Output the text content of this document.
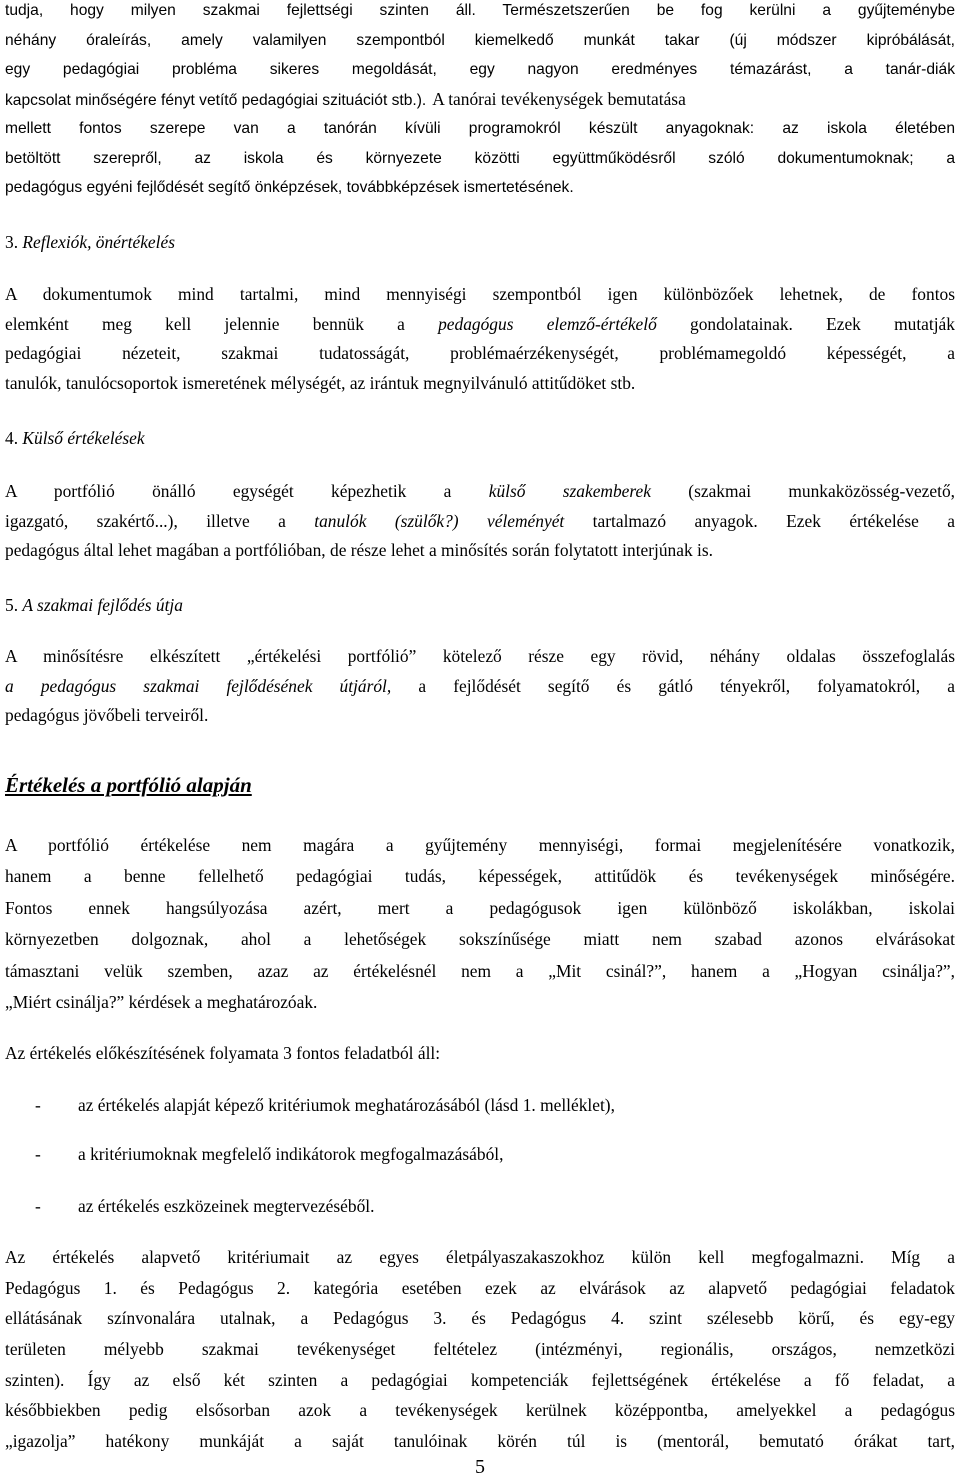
tudja, hogy milyen szakmai fejlettségi szinten áll. Természetszerűen be fog kerülni a gyűjteménybe
néhány óraleírás, amely valamilyen szempontból kiemelkedő munkát takar (új módszer kipróbálását,
egy pedagógiai probléma sikeres megoldását, egy nagyon eredményes témazárást, a tanár-diák
kapcsolat minőségére fényt vetítő pedagógiai szituációt stb.). A tanórai tevékenységek bemutatása
mellett fontos szerepe van a tanórán kívüli programokról készült anyagoknak: az iskola életében
betöltött szerepről, az iskola és környezete közötti együttműködésről szóló dokumentumoknak; a
pedagógus egyéni fejlődését segítő önképzések, továbbképzések ismertetésének.
3. Reflexiók, önértékelés
A dokumentumok mind tartalmi, mind mennyiségi szempontból igen különbözőek lehetnek, de fontos
elemként meg kell jelennie bennük a pedagógus elemző-értékelő gondolatainak. Ezek mutatják
pedagógiai nézeteit, szakmai tudatosságát, problémaérzékenységét, problémamegoldó képességét, a
tanulók, tanulócsoportok ismeretének mélységét, az irántuk megnyilvánuló attitűdöket stb.
4. Külső értékelések
A portfólió önálló egységét képezhetik a külső szakemberek (szakmai munkaközösség-vezető,
igazgató, szakértő...), illetve a tanulók (szülők?) véleményét tartalmazó anyagok. Ezek értékelése a
pedagógus által lehet magában a portfólióban, de része lehet a minősítés során folytatott interjúnak is.
5. A szakmai fejlődés útja
A minősítésre elkészített „értékelési portfólió” kötelező része egy rövid, néhány oldalas összefoglalás
a pedagógus szakmai fejlődésének útjáról, a fejlődését segítő és gátló tényekről, folyamatokról, a
pedagógus jövőbeli terveiről.
Értékelés a portfólió alapján
A portfólió értékelése nem magára a gyűjtemény mennyiségi, formai megjelenítésére vonatkozik,
hanem a benne fellelhető pedagógiai tudás, képességek, attitűdök és tevékenységek minőségére.
Fontos ennek hangsúlyozása azért, mert a pedagógusok igen különböző iskolákban, iskolai
környezetben dolgoznak, ahol a lehetőségek sokszínűsége miatt nem szabad azonos elvárásokat
támasztani velük szemben, azaz az értékelésnél nem a „Mit csinál?”, hanem a „Hogyan csinálja?”,
„Miért csinálja?” kérdések a meghatározóak.
Az értékelés előkészítésének folyamata 3 fontos feladatból áll:
- az értékelés alapját képező kritériumok meghatározásából (lásd 1. melléklet),
- a kritériumoknak megfelelő indikátorok megfogalmazásából,
- az értékelés eszközeinek megtervezéséből.
Az értékelés alapvető kritériumait az egyes életpályaszakaszokhoz külön kell megfogalmazni. Míg a
Pedagógus 1. és Pedagógus 2. kategória esetében ezek az elvárások az alapvető pedagógiai feladatok
ellátásának színvonalára utalnak, a Pedagógus 3. és Pedagógus 4. szint szélesebb körű, és egy-egy
területen mélyebb szakmai tevékenységet feltételez (intézményi, regionális, országos, nemzetközi
szinten). Így az első két szinten a pedagógiai kompetenciák fejlettségének értékelése a fő feladat, a
későbbiekben pedig elsősorban azok a tevékenységek kerülnek középpontba, amelyekkel a pedagógus
„igazolja” hatékony munkáját a saját tanulóinak körén túl is (mentorál, bemutató órákat tart,
5
